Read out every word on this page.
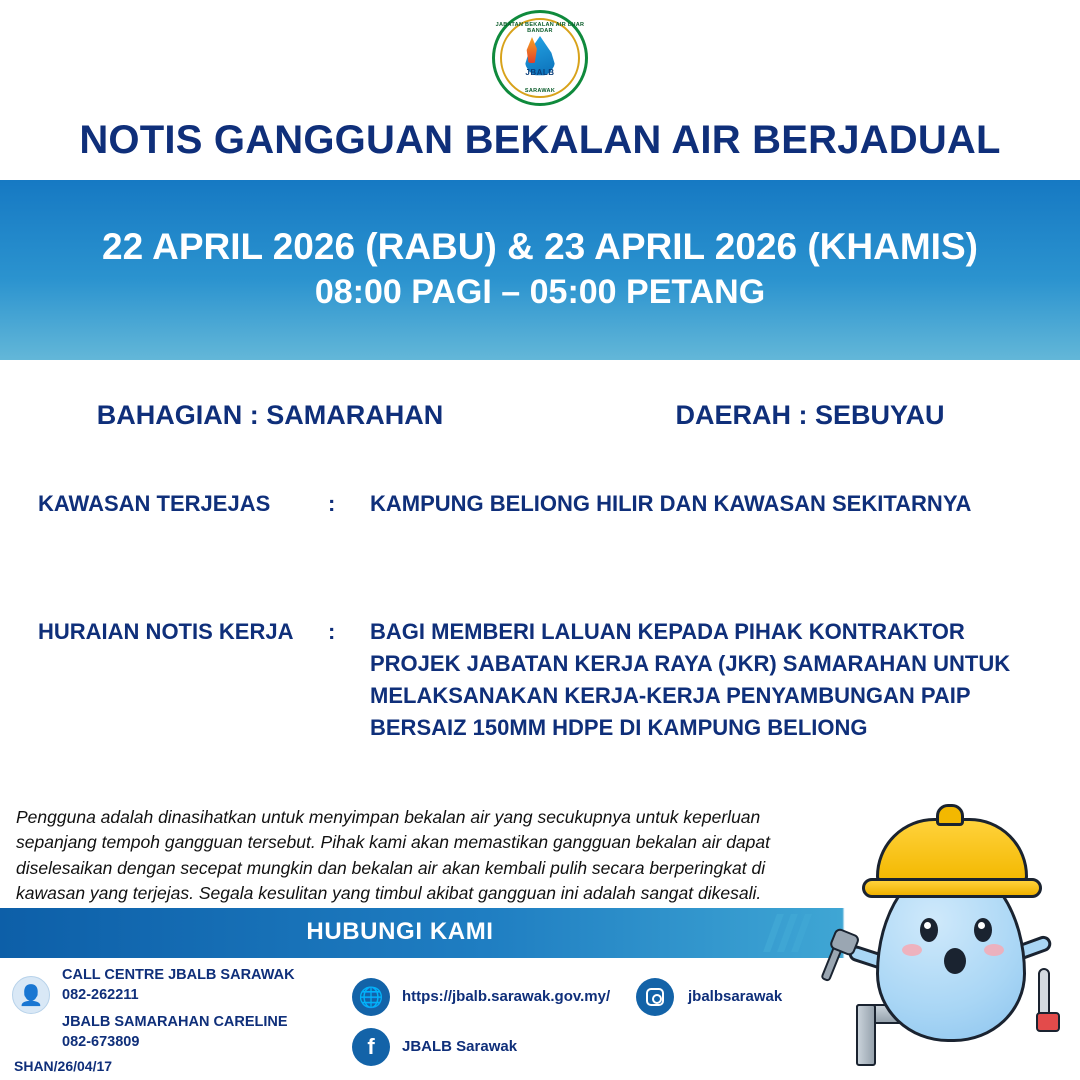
JABATAN BEKALAN AIR LUAR BANDAR
JBALB
SARAWAK
NOTIS GANGGUAN BEKALAN AIR BERJADUAL
22 APRIL 2026 (RABU) & 23 APRIL 2026 (KHAMIS)
08:00 PAGI – 05:00 PETANG
BAHAGIAN : SAMARAHAN	DAERAH : SEBUYAU
KAWASAN TERJEJAS	:	KAMPUNG BELIONG HILIR DAN KAWASAN SEKITARNYA
HURAIAN NOTIS KERJA	:	BAGI MEMBERI LALUAN KEPADA PIHAK KONTRAKTOR PROJEK JABATAN KERJA RAYA (JKR) SAMARAHAN UNTUK MELAKSANAKAN KERJA-KERJA PENYAMBUNGAN PAIP BERSAIZ 150MM HDPE DI KAMPUNG BELIONG
Pengguna adalah dinasihatkan untuk menyimpan bekalan air yang secukupnya untuk keperluan sepanjang tempoh gangguan tersebut. Pihak kami akan memastikan gangguan bekalan air dapat diselesaikan dengan secepat mungkin dan bekalan air akan kembali pulih secara berperingkat di kawasan yang terjejas. Segala kesulitan yang timbul akibat gangguan ini adalah sangat dikesali.
HUBUNGI KAMI
👤
CALL CENTRE JBALB SARAWAK
082-262211
JBALB SAMARAHAN CARELINE
082-673809
🌐	https://jbalb.sarawak.gov.my/
f	JBALB Sarawak
jbalbsarawak
SHAN/26/04/17
